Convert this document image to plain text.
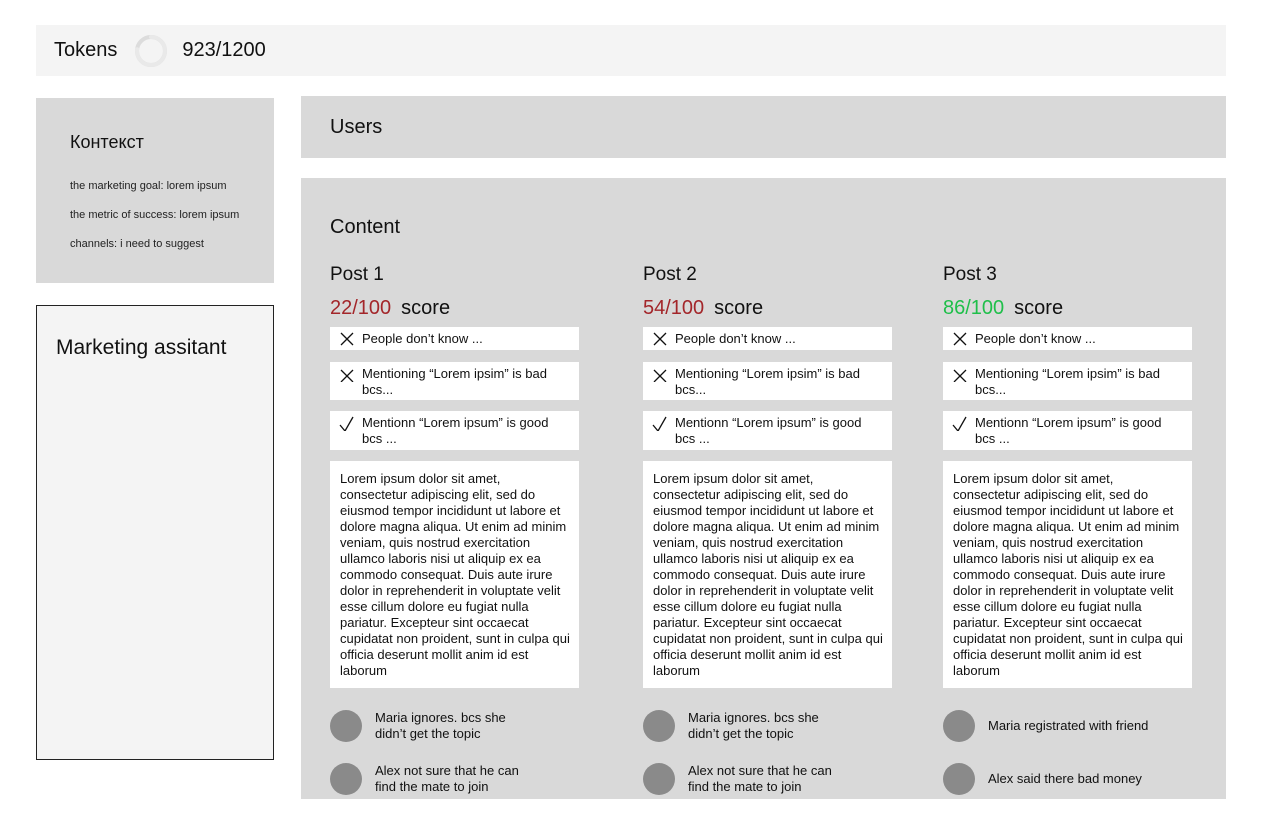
Tokens	923/1200
Контекст
the marketing goal: lorem ipsum
the metric of success: lorem ipsum
channels: i need to suggest
Marketing assitant
Users
Content
Post 1
22/100 score
People don’t know ...
Mentioning “Lorem ipsim” is bad bcs...
Mentionn “Lorem ipsum” is good bcs ...
Lorem ipsum dolor sit amet, consectetur adipiscing elit, sed do eiusmod tempor incididunt ut labore et dolore magna aliqua. Ut enim ad minim veniam, quis nostrud exercitation ullamco laboris nisi ut aliquip ex ea commodo consequat. Duis aute irure dolor in reprehenderit in voluptate velit esse cillum dolore eu fugiat nulla pariatur. Excepteur sint occaecat cupidatat non proident, sunt in culpa qui officia deserunt mollit anim id est laborum
Maria ignores. bcs she didn’t get the topic
Alex not sure that he can find the mate to join
Post 2
54/100 score
People don’t know ...
Mentioning “Lorem ipsim” is bad bcs...
Mentionn “Lorem ipsum” is good bcs ...
Lorem ipsum dolor sit amet, consectetur adipiscing elit, sed do eiusmod tempor incididunt ut labore et dolore magna aliqua. Ut enim ad minim veniam, quis nostrud exercitation ullamco laboris nisi ut aliquip ex ea commodo consequat. Duis aute irure dolor in reprehenderit in voluptate velit esse cillum dolore eu fugiat nulla pariatur. Excepteur sint occaecat cupidatat non proident, sunt in culpa qui officia deserunt mollit anim id est laborum
Maria ignores. bcs she didn’t get the topic
Alex not sure that he can find the mate to join
Post 3
86/100 score
People don’t know ...
Mentioning “Lorem ipsim” is bad bcs...
Mentionn “Lorem ipsum” is good bcs ...
Lorem ipsum dolor sit amet, consectetur adipiscing elit, sed do eiusmod tempor incididunt ut labore et dolore magna aliqua. Ut enim ad minim veniam, quis nostrud exercitation ullamco laboris nisi ut aliquip ex ea commodo consequat. Duis aute irure dolor in reprehenderit in voluptate velit esse cillum dolore eu fugiat nulla pariatur. Excepteur sint occaecat cupidatat non proident, sunt in culpa qui officia deserunt mollit anim id est laborum
Maria registrated with friend
Alex said there bad money
